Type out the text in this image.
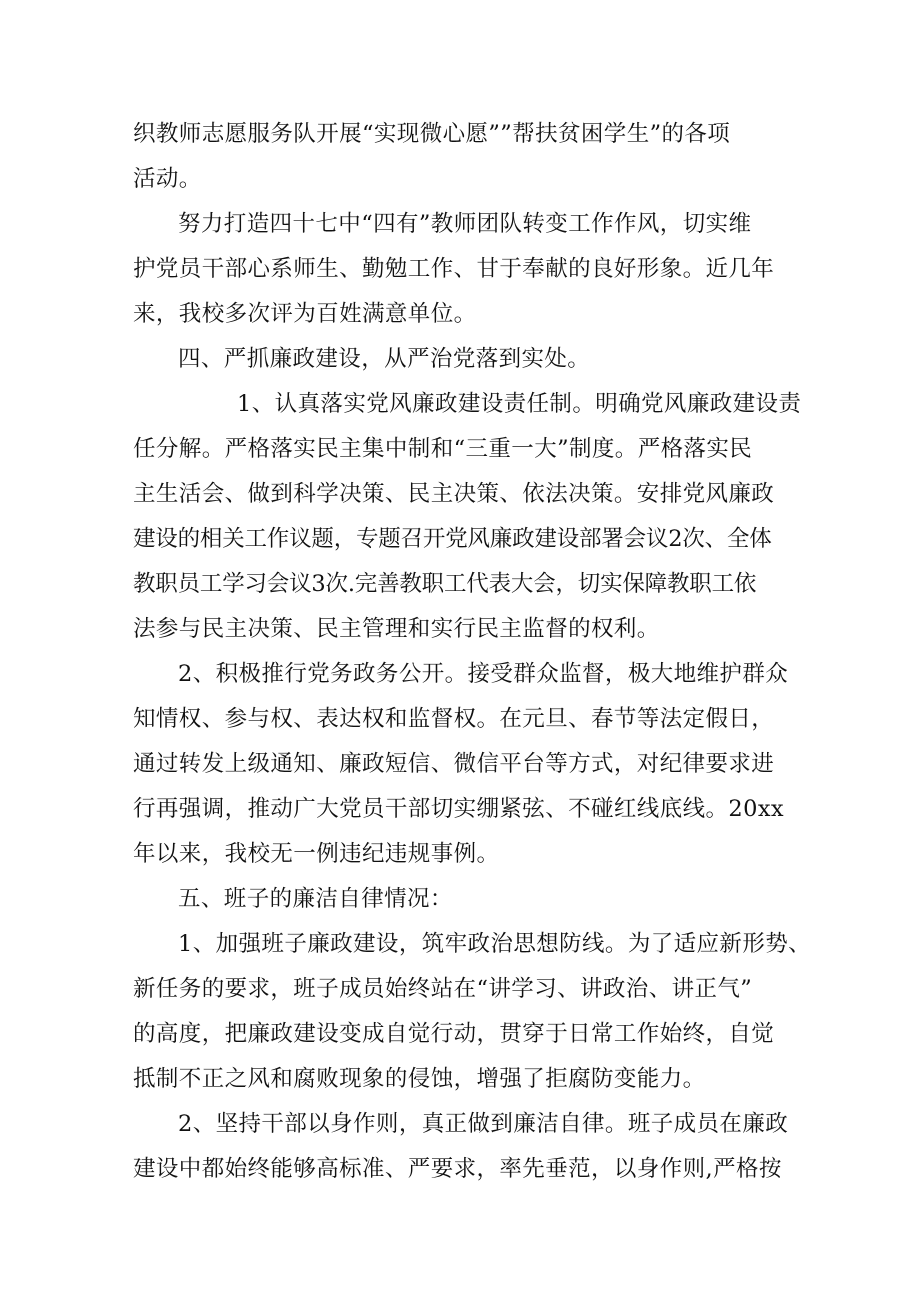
织教师志愿服务队开展“实现微心愿””帮扶贫困学生”的各项
活动。
努力打造四十七中“四有”教师团队转变工作作风，切实维
护党员干部心系师生、勤勉工作、甘于奉献的良好形象。近几年
来，我校多次评为百姓满意单位。
四、严抓廉政建设，从严治党落到实处。
1、认真落实党风廉政建设责任制。明确党风廉政建设责
任分解。严格落实民主集中制和“三重一大”制度。严格落实民
主生活会、做到科学决策、民主决策、依法决策。安排党风廉政
建设的相关工作议题，专题召开党风廉政建设部署会议2次、全体
教职员工学习会议3次.完善教职工代表大会，切实保障教职工依
法参与民主决策、民主管理和实行民主监督的权利。
2、积极推行党务政务公开。接受群众监督，极大地维护群众
知情权、参与权、表达权和监督权。在元旦、春节等法定假日，
通过转发上级通知、廉政短信、微信平台等方式，对纪律要求进
行再强调，推动广大党员干部切实绷紧弦、不碰红线底线。20xx
年以来，我校无一例违纪违规事例。
五、班子的廉洁自律情况：
1、加强班子廉政建设，筑牢政治思想防线。为了适应新形势、
新任务的要求，班子成员始终站在“讲学习、讲政治、讲正气”
的高度，把廉政建设变成自觉行动，贯穿于日常工作始终，自觉
抵制不正之风和腐败现象的侵蚀，增强了拒腐防变能力。
2、坚持干部以身作则，真正做到廉洁自律。班子成员在廉政
建设中都始终能够高标准、严要求，率先垂范，以身作则,严格按
